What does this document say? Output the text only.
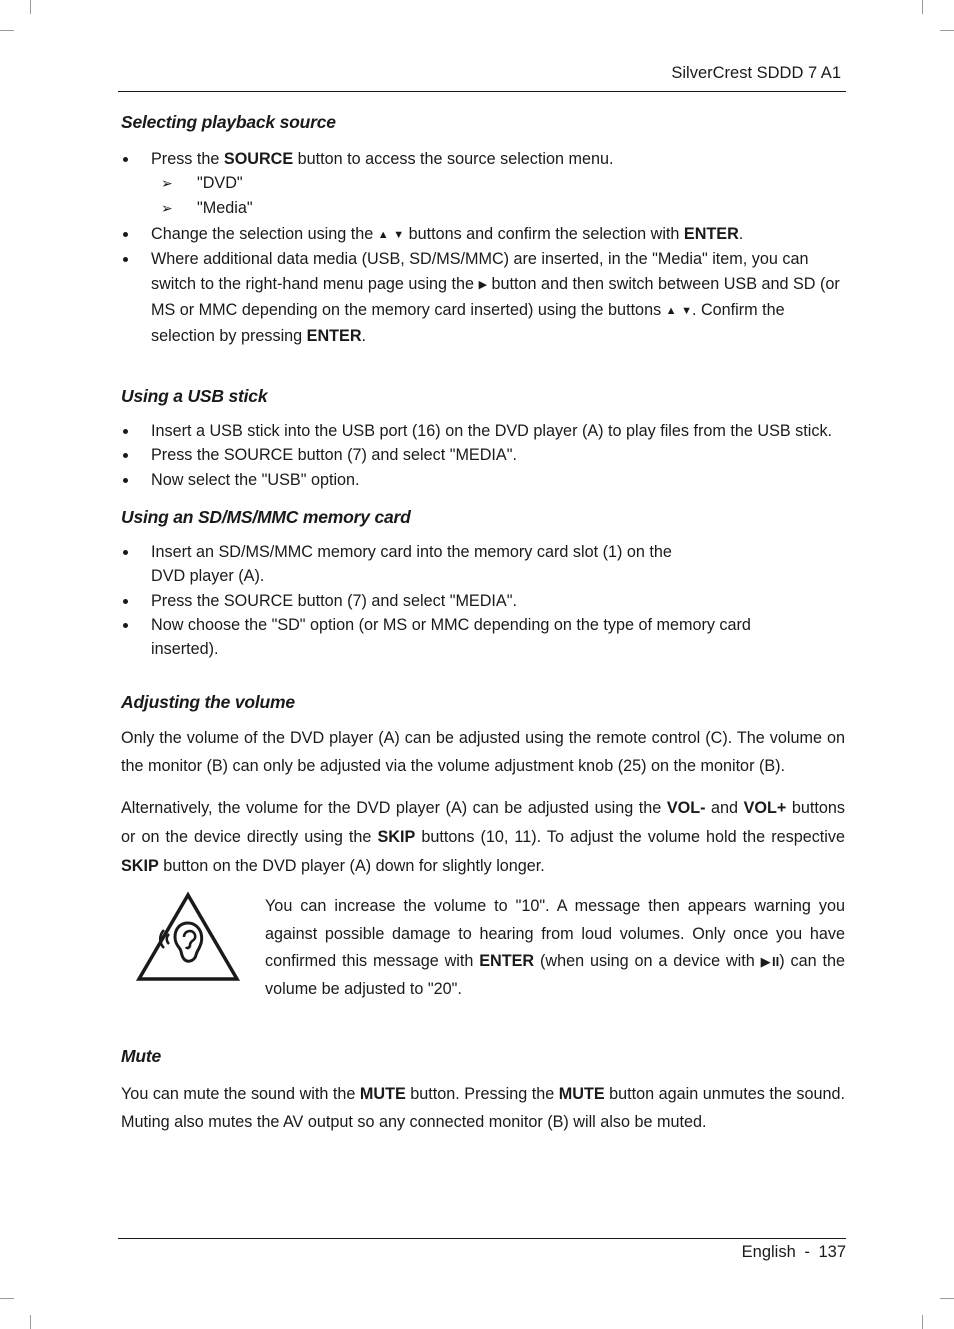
SilverCrest SDDD 7 A1
Selecting playback source
Press the SOURCE button to access the source selection menu.
➢ "DVD"
➢ "Media"
Change the selection using the ▲ ▼ buttons and confirm the selection with ENTER.
Where additional data media (USB, SD/MS/MMC) are inserted, in the "Media" item, you can switch to the right-hand menu page using the ▶ button and then switch between USB and SD (or MS or MMC depending on the memory card inserted) using the buttons ▲ ▼. Confirm the selection by pressing ENTER.
Using a USB stick
Insert a USB stick into the USB port (16) on the DVD player (A) to play files from the USB stick.
Press the SOURCE button (7) and select "MEDIA".
Now select the "USB" option.
Using an SD/MS/MMC memory card
Insert an SD/MS/MMC memory card into the memory card slot (1) on the
DVD player (A).
Press the SOURCE button (7) and select "MEDIA".
Now choose the "SD" option (or MS or MMC depending on the type of memory card inserted).
Adjusting the volume

Only the volume of the DVD player (A) can be adjusted using the remote control (C). The volume on the monitor (B) can only be adjusted via the volume adjustment knob (25) on the monitor (B).

Alternatively, the volume for the DVD player (A) can be adjusted using the VOL- and VOL+ buttons or on the device directly using the SKIP buttons (10, 11). To adjust the volume hold the respective SKIP button on the DVD player (A) down for slightly longer.

You can increase the volume to "10". A message then appears warning you against possible damage to hearing from loud volumes. Only once you have confirmed this message with ENTER (when using on a device with ▶II) can the volume be adjusted to "20".

Mute

You can mute the sound with the MUTE button. Pressing the MUTE button again unmutes the sound. Muting also mutes the AV output so any connected monitor (B) will also be muted.

English - 137
